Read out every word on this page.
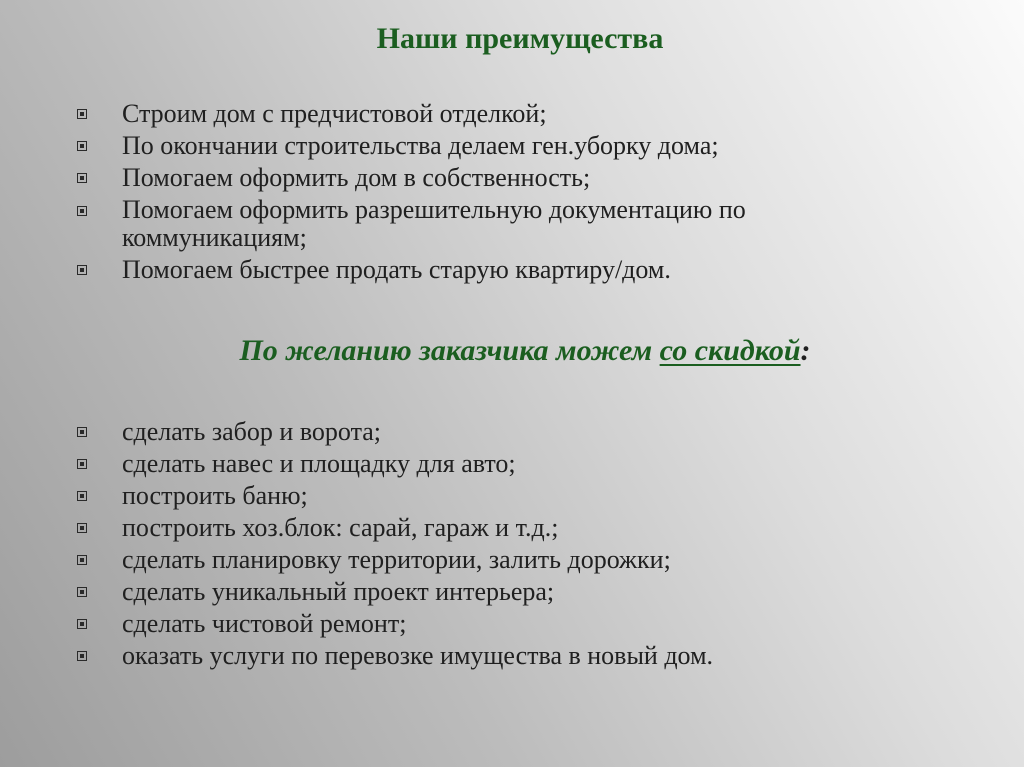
Наши преимущества
Строим дом с предчистовой отделкой;
По окончании строительства делаем ген.уборку дома;
Помогаем оформить дом в собственность;
Помогаем оформить разрешительную документацию по коммуникациям;
Помогаем быстрее продать старую квартиру/дом.
По желанию заказчика можем со скидкой:
сделать забор и ворота;
сделать навес и площадку для авто;
построить баню;
построить хоз.блок: сарай, гараж и т.д.;
сделать планировку территории, залить дорожки;
сделать уникальный проект интерьера;
сделать чистовой ремонт;
оказать услуги по перевозке имущества в новый дом.
